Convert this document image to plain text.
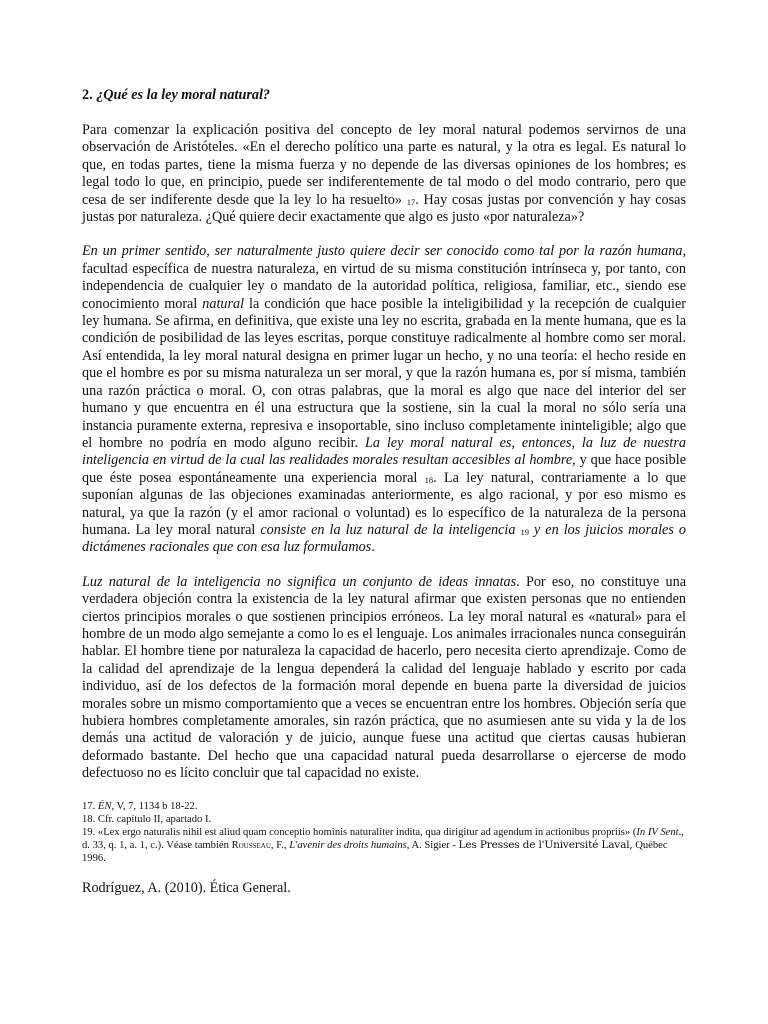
2. ¿Qué es la ley moral natural?

Para comenzar la explicación positiva del concepto de ley moral natural podemos servirnos de una observación de Aristóteles. «En el derecho político una parte es natural, y la otra es legal. Es natural lo que, en todas partes, tiene la misma fuerza y no depende de las diversas opiniones de los hombres; es legal todo lo que, en principio, puede ser indiferentemente de tal modo o del modo contrario, pero que cesa de ser indiferente desde que la ley lo ha resuelto» $^{17}$. Hay cosas justas por convención y hay cosas justas por naturaleza. ¿Qué quiere decir exactamente que algo es justo «por naturaleza»?

En un primer sentido, ser naturalmente justo quiere decir ser conocido como tal por la razón humana, facultad específica de nuestra naturaleza, en virtud de su misma constitución intrínseca y, por tanto, con independencia de cualquier ley o mandato de la autoridad política, religiosa, familiar, etc., siendo ese conocimiento moral natural la condición que hace posible la inteligibilidad y la recepción de cualquier ley humana. Se afirma, en definitiva, que existe una ley no escrita, grabada en la mente humana, que es la condición de posibilidad de las leyes escritas, porque constituye radicalmente al hombre como ser moral. Así entendida, la ley moral natural designa en primer lugar un hecho, y no una teoría: el hecho reside en que el hombre es por su misma naturaleza un ser moral, y que la razón humana es, por sí misma, también una razón práctica o moral. O, con otras palabras, que la moral es algo que nace del interior del ser humano y que encuentra en él una estructura que la sostiene, sin la cual la moral no sólo sería una instancia puramente externa, represiva e insoportable, sino incluso completamente ininteligible; algo que el hombre no podría en modo alguno recibir. La ley moral natural es, entonces, la luz de nuestra inteligencia en virtud de la cual las realidades morales resultan accesibles al hombre, y que hace posible que éste posea espontáneamente una experiencia moral $^{18}$. La ley natural, contrariamente a lo que suponían algunas de las objeciones examinadas anteriormente, es algo racional, y por eso mismo es natural, ya que la razón (y el amor racional o voluntad) es lo específico de la naturaleza de la persona humana. La ley moral natural consiste en la luz natural de la inteligencia $^{19}$ y en los juicios morales o dictámenes racionales que con esa luz formulamos.

Luz natural de la inteligencia no significa un conjunto de ideas innatas. Por eso, no constituye una verdadera objeción contra la existencia de la ley natural afirmar que existen personas que no entienden ciertos principios morales o que sostienen principios erróneos. La ley moral natural es «natural» para el hombre de un modo algo semejante a como lo es el lenguaje. Los animales irracionales nunca conseguirán hablar. El hombre tiene por naturaleza la capacidad de hacerlo, pero necesita cierto aprendizaje. Como de la calidad del aprendizaje de la lengua dependerá la calidad del lenguaje hablado y escrito por cada individuo, así de los defectos de la formación moral depende en buena parte la diversidad de juicios morales sobre un mismo comportamiento que a veces se encuentran entre los hombres. Objeción sería que hubiera hombres completamente amorales, sin razón práctica, que no asumiesen ante su vida y la de los demás una actitud de valoración y de juicio, aunque fuese una actitud que ciertas causas hubieran deformado bastante. Del hecho que una capacidad natural pueda desarrollarse o ejercerse de modo defectuoso no es lícito concluir que tal capacidad no existe.

17. ÉN, V, 7, 1134 b 18-22.
18. Cfr. capítulo II, apartado I.
19. «Lex ergo naturalis nihil est aliud quam conceptio hominis naturaliter indita, qua dirigitur ad agendum in actionibus propriis» (In IV Sent., d. 33, q. 1, a. 1, c.). Véase también Rousseau, F., L'avenir des droits humains, A. Sigier - Les Presses de l'Université Laval, Québec 1996.
Rodríguez, A. (2010). Ética General.
